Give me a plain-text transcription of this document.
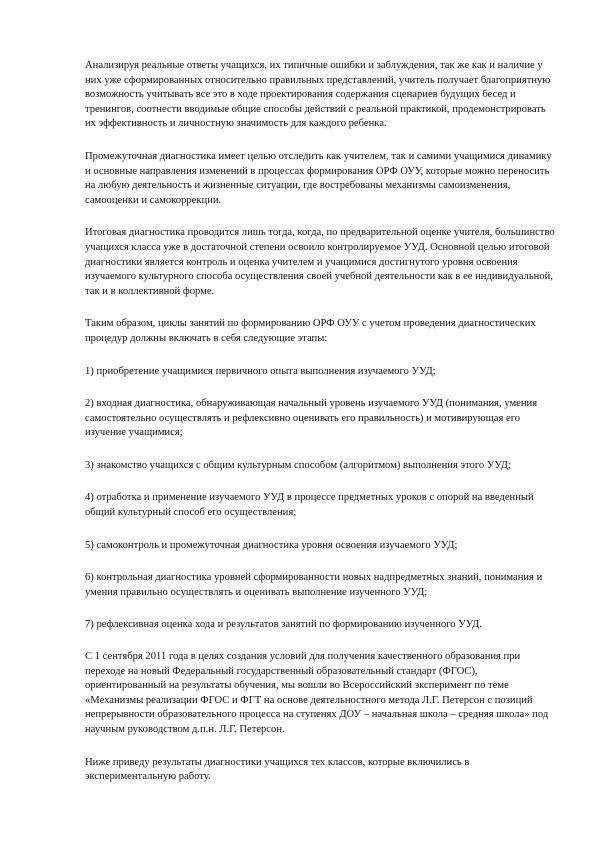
Анализируя реальные ответы учащихся, их типичные ошибки и заблуждения, так же как и наличие у них уже сформированных относительно правильных представлений, учитель получает благоприятную возможность учитывать все это в ходе проектирования содержания сценариев будущих бесед и тренингов, соотнести вводимые общие способы действий с реальной практикой, продемонстрировать их эффективность и личностную значимость для каждого ребенка.

Промежуточная диагностика имеет целью отследить как учителем, так и самими учащимися динамику и основные направления изменений в процессах формирования ОРФ ОУУ, которые можно переносить на любую деятельность и жизненные ситуации, где востребованы механизмы самоизменения, самооценки и самокоррекции.

Итоговая диагностика проводится лишь тогда, когда, по предварительной оценке учителя, большинство учащихся класса уже в достаточной степени освоило контролируемое УУД. Основной целью итоговой диагностики является контроль и оценка учителем и учащимися достигнутого уровня освоения изучаемого культурного способа осуществления своей учебной деятельности как в ее индивидуальной, так и в коллективной форме.

Таким образом, циклы занятий по формированию ОРФ ОУУ с учетом проведения диагностических процедур должны включать в себя следующие этапы:

1) приобретение учащимися первичного опыта выполнения изучаемого УУД;

2) входная диагностика, обнаруживающая начальный уровень изучаемого УУД (понимания, умения самостоятельно осуществлять и рефлексивно оценивать его правильность) и мотивирующая его изучение учащимися;

3) знакомство учащихся с общим культурным способом (алгоритмом) выполнения этого УУД;

4) отработка и применение изучаемого УУД в процессе предметных уроков с опорой на введенный общий культурный способ его осуществления;

5) самоконтроль и промежуточная диагностика уровня освоения изучаемого УУД;

6) контрольная диагностика уровней сформированности новых надпредметных знаний, понимания и умения правильно осуществлять и оценивать выполнение изученного УУД;

7) рефлексивная оценка хода и результатов занятий по формированию изученного УУД.

С 1 сентября 2011 года в целях создания условий для получения качественного образования при переходе на новый Федеральный государственный образовательный стандарт (ФГОС), ориентированный на результаты обучения, мы вошли во Всероссийский эксперимент по теме «Механизмы реализации ФГОС и ФГТ на основе деятельностного метода Л.Г. Петерсон с позиций непрерывности образовательного процесса на ступенях ДОУ – начальная школа – средняя школа» под научным руководством д.п.н. Л.Г. Петерсон.

Ниже приведу результаты диагностики учащихся тех классов, которые включились в экспериментальную работу.
